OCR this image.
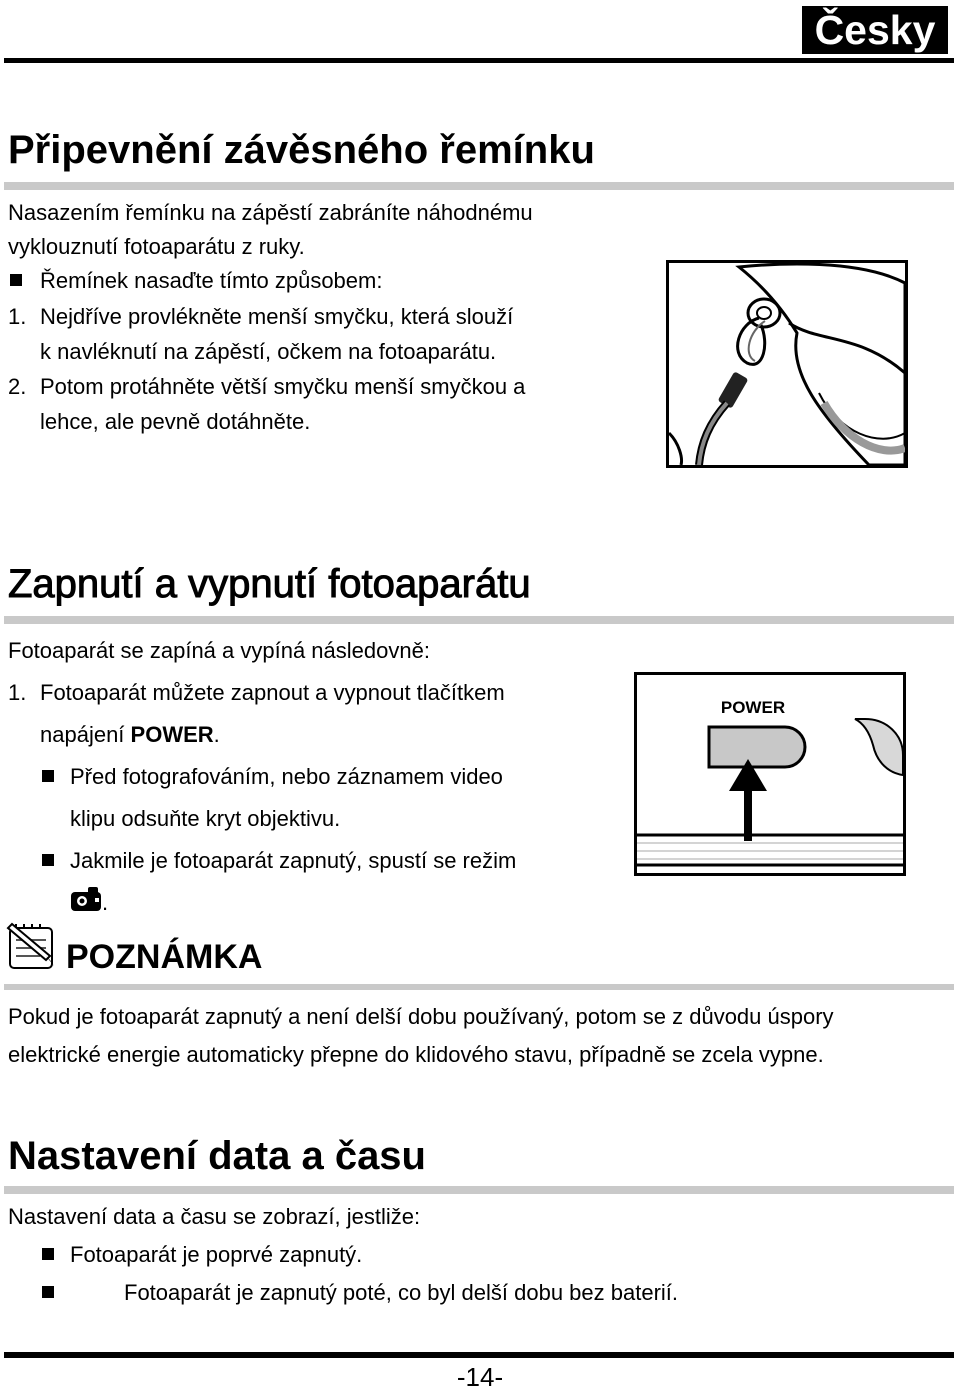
Česky
Připevnění závěsného řemínku
Nasazením řemínku na zápěstí zabráníte náhodnému
vyklouznutí fotoaparátu z ruky.
Řemínek nasaďte tímto způsobem:
1. Nejdříve provlékněte menší smyčku, která slouží
k navléknutí na zápěstí, očkem na fotoaparátu.
2. Potom protáhněte větší smyčku menší smyčkou a
lehce, ale pevně dotáhněte.
Zapnutí a vypnutí fotoaparátu
Fotoaparát se zapíná a vypíná následovně:
1. Fotoaparát můžete zapnout a vypnout tlačítkem
napájení POWER.
Před fotografováním, nebo záznamem video
klipu odsuňte kryt objektivu.
Jakmile je fotoaparát zapnutý, spustí se režim
.
POWER
POZNÁMKA
Pokud je fotoaparát zapnutý a není delší dobu používaný, potom se z důvodu úspory
elektrické energie automaticky přepne do klidového stavu, případně se zcela vypne.
Nastavení data a času
Nastavení data a času se zobrazí, jestliže:
Fotoaparát je poprvé zapnutý.
Fotoaparát je zapnutý poté, co byl delší dobu bez baterií.
-14-
